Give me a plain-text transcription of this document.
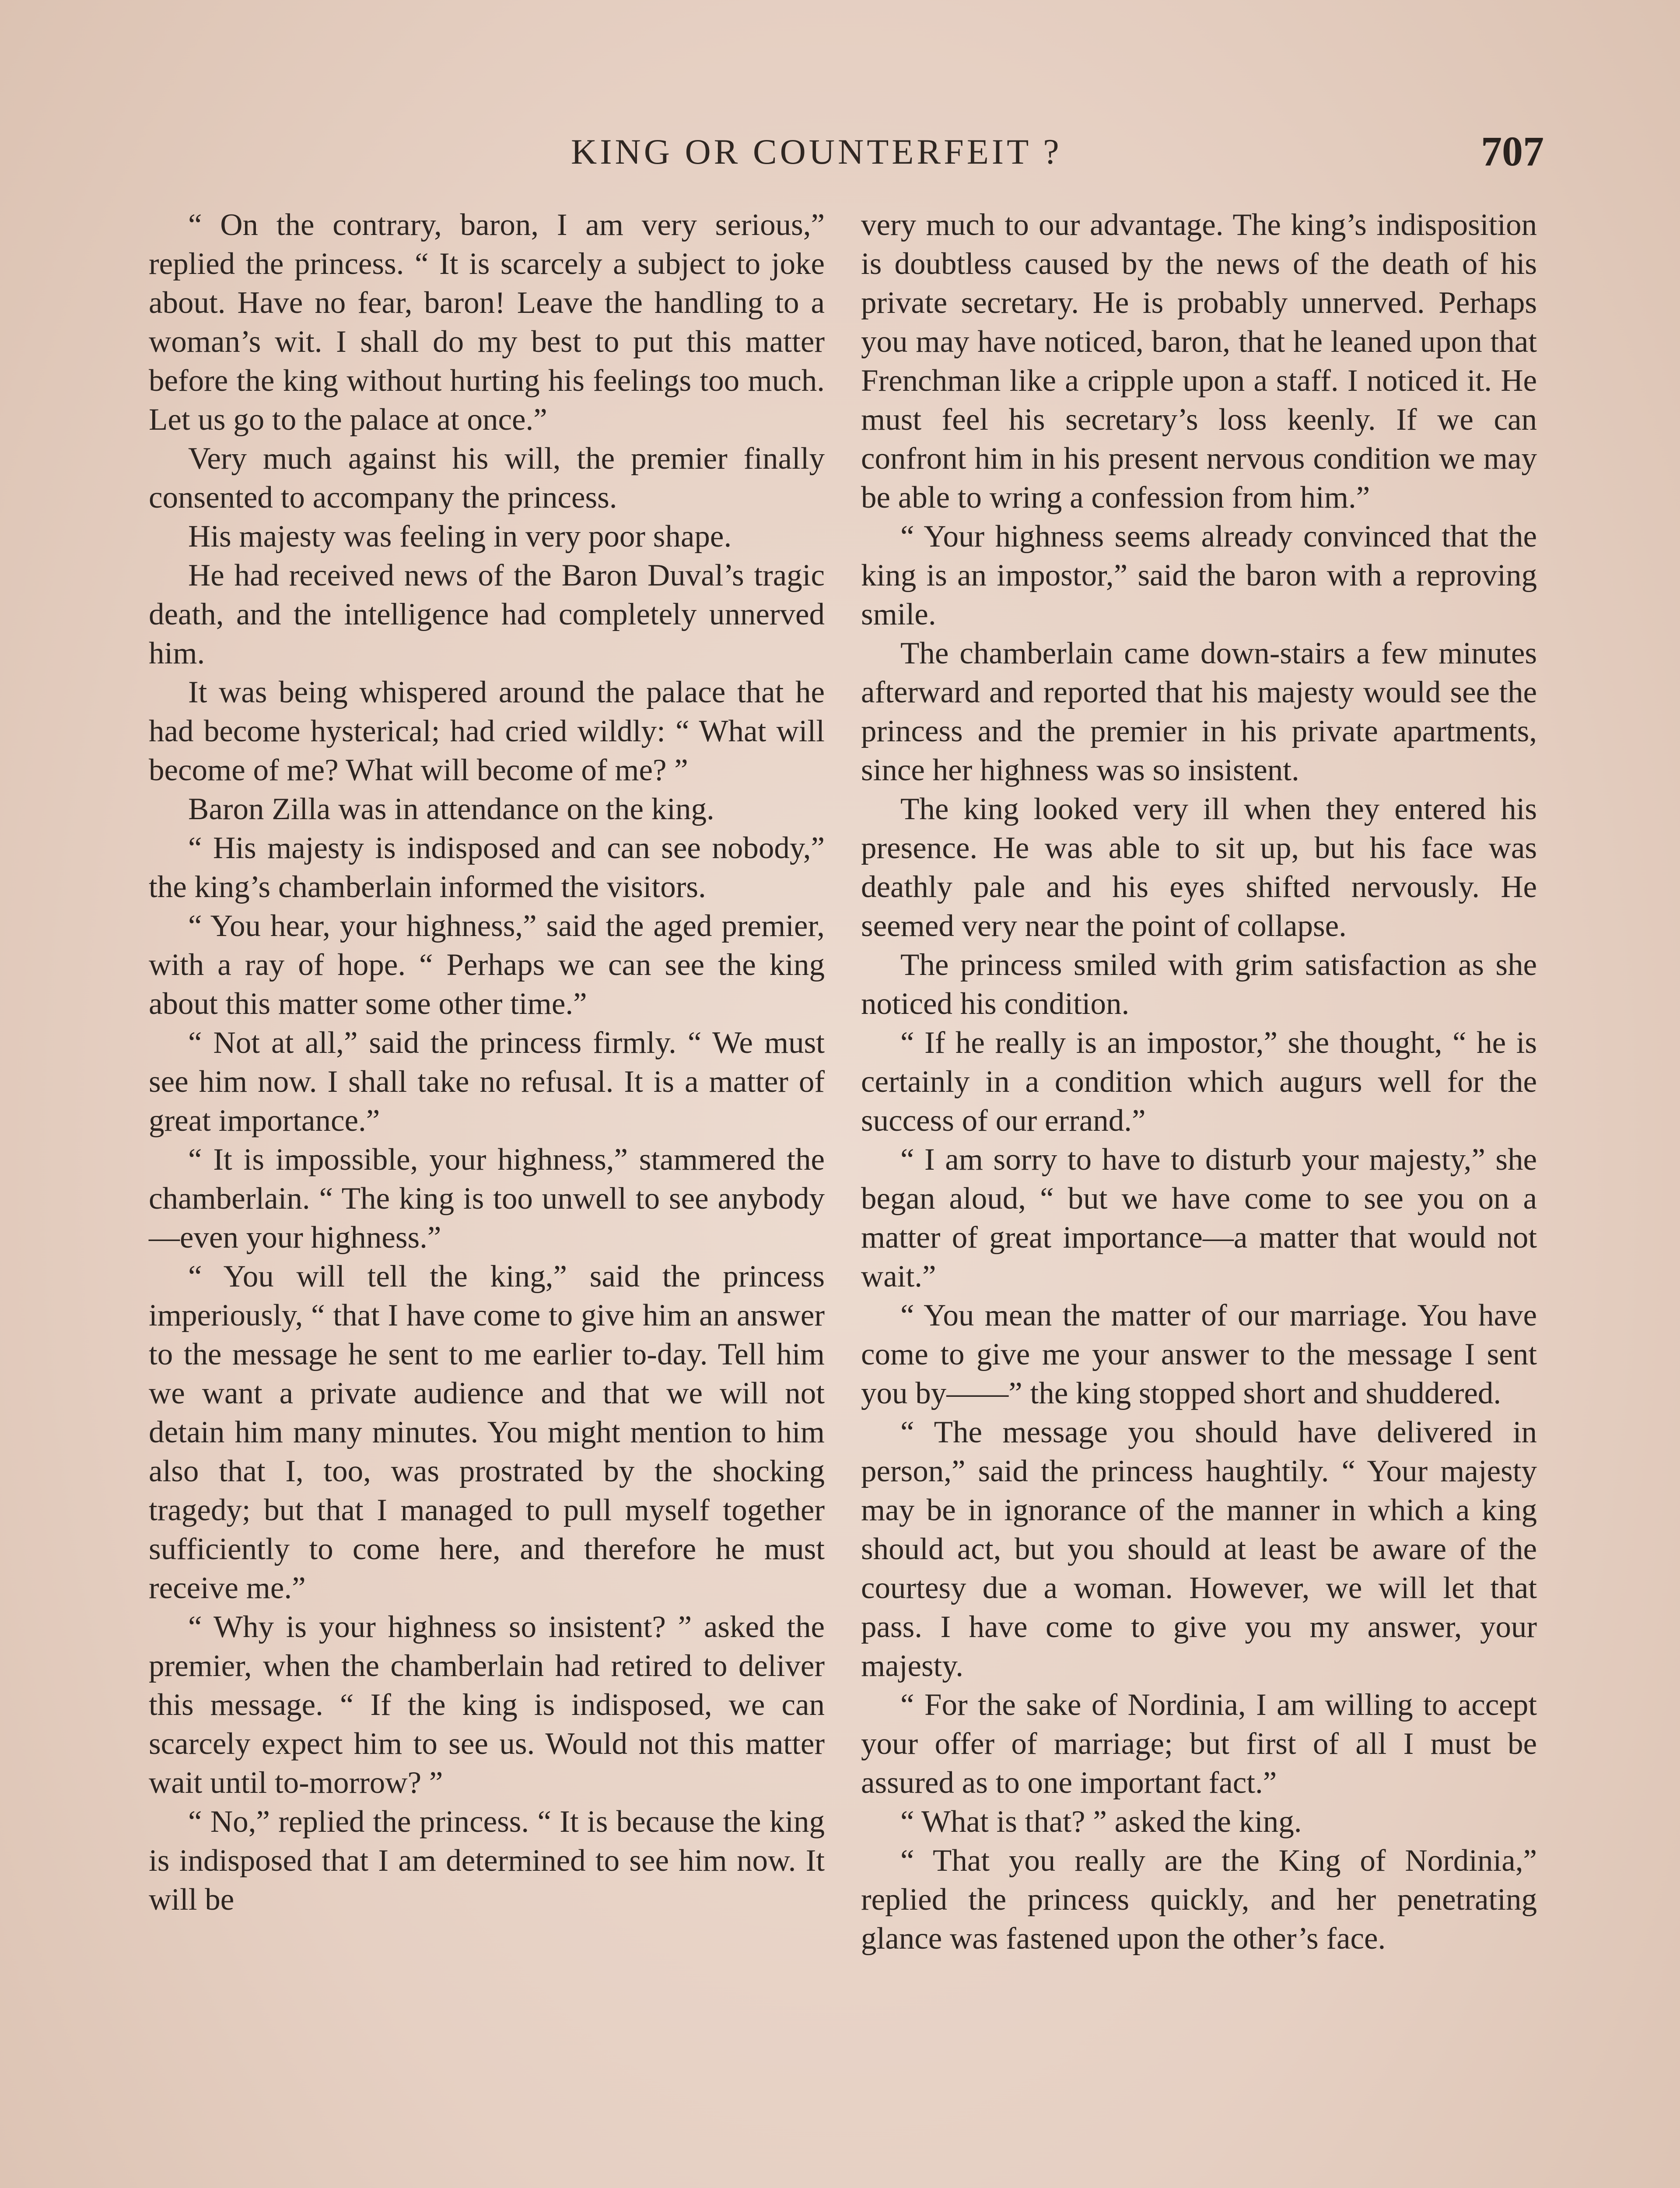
KING OR COUNTERFEIT ?	707

“ On the contrary, baron, I am very serious,” replied the princess. “ It is scarcely a subject to joke about. Have no fear, baron! Leave the handling to a woman’s wit. I shall do my best to put this matter before the king without hurting his feelings too much. Let us go to the palace at once.”

Very much against his will, the premier finally consented to accompany the princess.

His majesty was feeling in very poor shape.

He had received news of the Baron Duval’s tragic death, and the intelligence had completely unnerved him.

It was being whispered around the palace that he had become hysterical; had cried wildly: “ What will become of me? What will become of me? ”

Baron Zilla was in attendance on the king.

“ His majesty is indisposed and can see nobody,” the king’s chamberlain informed the visitors.

“ You hear, your highness,” said the aged premier, with a ray of hope. “ Perhaps we can see the king about this matter some other time.”

“ Not at all,” said the princess firmly. “ We must see him now. I shall take no refusal. It is a matter of great importance.”

“ It is impossible, your highness,” stammered the chamberlain. “ The king is too unwell to see anybody—even your highness.”

“ You will tell the king,” said the princess imperiously, “ that I have come to give him an answer to the message he sent to me earlier to-day. Tell him we want a private audience and that we will not detain him many minutes. You might mention to him also that I, too, was prostrated by the shocking tragedy; but that I managed to pull myself together sufficiently to come here, and therefore he must receive me.”

“ Why is your highness so insistent? ” asked the premier, when the chamberlain had retired to deliver this message. “ If the king is indisposed, we can scarcely expect him to see us. Would not this matter wait until to-morrow? ”

“ No,” replied the princess. “ It is because the king is indisposed that I am determined to see him now. It will be

very much to our advantage. The king’s indisposition is doubtless caused by the news of the death of his private secretary. He is probably unnerved. Perhaps you may have noticed, baron, that he leaned upon that Frenchman like a cripple upon a staff. I noticed it. He must feel his secretary’s loss keenly. If we can confront him in his present nervous condition we may be able to wring a confession from him.”

“ Your highness seems already convinced that the king is an impostor,” said the baron with a reproving smile.

The chamberlain came down-stairs a few minutes afterward and reported that his majesty would see the princess and the premier in his private apartments, since her highness was so insistent.

The king looked very ill when they entered his presence. He was able to sit up, but his face was deathly pale and his eyes shifted nervously. He seemed very near the point of collapse.

The princess smiled with grim satisfaction as she noticed his condition.

“ If he really is an impostor,” she thought, “ he is certainly in a condition which augurs well for the success of our errand.”

“ I am sorry to have to disturb your majesty,” she began aloud, “ but we have come to see you on a matter of great importance—a matter that would not wait.”

“ You mean the matter of our marriage. You have come to give me your answer to the message I sent you by——” the king stopped short and shuddered.

“ The message you should have delivered in person,” said the princess haughtily. “ Your majesty may be in ignorance of the manner in which a king should act, but you should at least be aware of the courtesy due a woman. However, we will let that pass. I have come to give you my answer, your majesty.

“ For the sake of Nordinia, I am willing to accept your offer of marriage; but first of all I must be assured as to one important fact.”

“ What is that? ” asked the king.

“ That you really are the King of Nordinia,” replied the princess quickly, and her penetrating glance was fastened upon the other’s face.
